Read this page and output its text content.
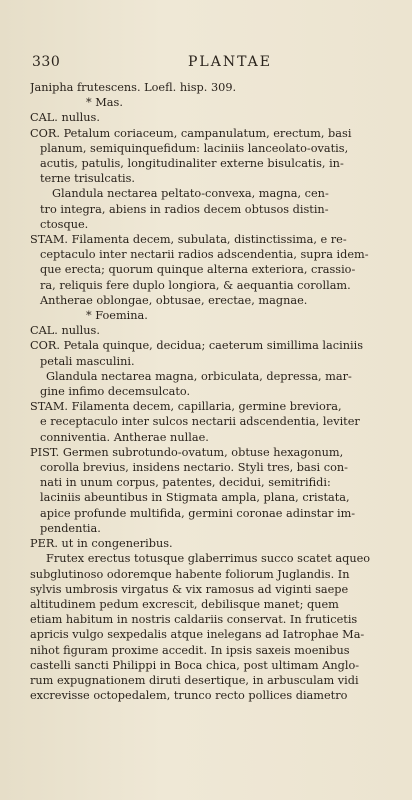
330	PLANTAE
Janipha frutescens. Loefl. hisp. 309.
* Mas.
CAL. nullus.
COR. Petalum coriaceum, campanulatum, erectum, basi
planum, semiquinquefidum: laciniis lanceolato-ovatis,
acutis, patulis, longitudinaliter externe bisulcatis, in-
terne trisulcatis.
Glandula nectarea peltato-convexa, magna, cen-
tro integra, abiens in radios decem obtusos distin-
ctosque.
STAM. Filamenta decem, subulata, distinctissima, e re-
ceptaculo inter nectarii radios adscendentia, supra idem-
que erecta; quorum quinque alterna exteriora, crassio-
ra, reliquis fere duplo longiora, & aequantia corollam.
Antherae oblongae, obtusae, erectae, magnae.
* Foemina.
CAL. nullus.
COR. Petala quinque, decidua; caeterum simillima laciniis
petali masculini.
Glandula nectarea magna, orbiculata, depressa, mar-
gine infimo decemsulcato.
STAM. Filamenta decem, capillaria, germine breviora,
e receptaculo inter sulcos nectarii adscendentia, leviter
conniventia. Antherae nullae.
PIST. Germen subrotundo-ovatum, obtuse hexagonum,
corolla brevius, insidens nectario. Styli tres, basi con-
nati in unum corpus, patentes, decidui, semitrifidi:
laciniis abeuntibus in Stigmata ampla, plana, cristata,
apice profunde multifida, germini coronae adinstar im-
pendentia.
PER. ut in congeneribus.
Frutex erectus totusque glaberrimus succo scatet aqueo
subglutinoso odoremque habente foliorum Juglandis. In
sylvis umbrosis virgatus & vix ramosus ad viginti saepe
altitudinem pedum excrescit, debilisque manet; quem
etiam habitum in nostris caldariis conservat. In fruticetis
apricis vulgo sexpedalis atque inelegans ad Iatrophae Ma-
nihot figuram proxime accedit. In ipsis saxeis moenibus
castelli sancti Philippi in Boca chica, post ultimam Anglo-
rum expugnationem diruti desertique, in arbusculam vidi
excrevisse octopedalem, trunco recto pollices diametro
